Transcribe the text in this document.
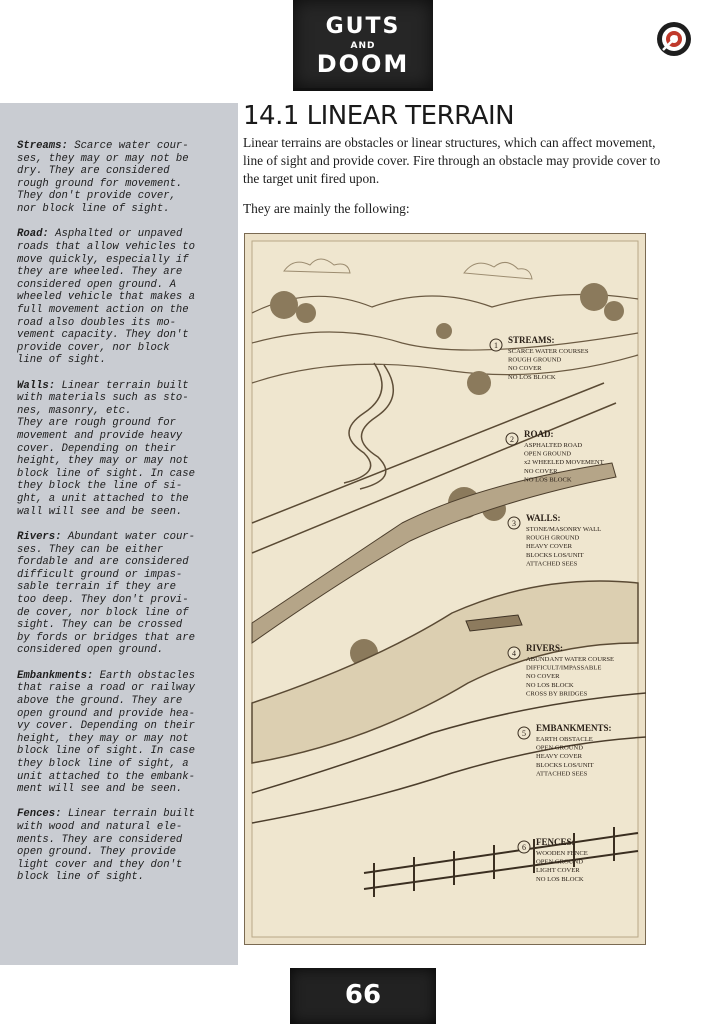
GUTS
AND
DOOM

Streams: Scarce water cour-
ses, they may or may not be
dry. They are considered
rough ground for movement.
They don't provide cover,
nor block line of sight.

Road: Asphalted or unpaved
roads that allow vehicles to
move quickly, especially if
they are wheeled. They are
considered open ground. A
wheeled vehicle that makes a
full movement action on the
road also doubles its mo-
vement capacity. They don't
provide cover, nor block
line of sight.

Walls: Linear terrain built
with materials such as sto-
nes, masonry, etc.
They are rough ground for
movement and provide heavy
cover. Depending on their
height, they may or may not
block line of sight. In case
they block the line of si-
ght, a unit attached to the
wall will see and be seen.

Rivers: Abundant water cour-
ses. They can be either
fordable and are considered
difficult ground or impas-
sable terrain if they are
too deep. They don't provi-
de cover, nor block line of
sight. They can be crossed
by fords or bridges that are
considered open ground.

Embankments: Earth obstacles
that raise a road or railway
above the ground. They are
open ground and provide hea-
vy cover. Depending on their
height, they may or may not
block line of sight. In case
they block line of sight, a
unit attached to the embank-
ment will see and be seen.

Fences: Linear terrain built
with wood and natural ele-
ments. They are considered
open ground. They provide
light cover and they don't
block line of sight.

14.1 LINEAR TERRAIN

Linear terrains are obstacles or linear structures, which can affect movement, line of sight and provide cover. Fire through an obstacle may provide cover to the target unit fired upon.

They are mainly the following:

1
STREAMS:
SCARCE WATER COURSES
ROUGH GROUND
NO COVER
NO LOS BLOCK
2
ROAD:
ASPHALTED ROAD
OPEN GROUND
x2 WHEELED MOVEMENT
NO COVER
NO LOS BLOCK
3
WALLS:
STONE/MASONRY WALL
ROUGH GROUND
HEAVY COVER
BLOCKS LOS/UNIT
ATTACHED SEES
4
RIVERS:
ABUNDANT WATER COURSE
DIFFICULT/IMPASSABLE
NO COVER
NO LOS BLOCK
CROSS BY BRIDGES
5
EMBANKMENTS:
EARTH OBSTACLE
OPEN GROUND
HEAVY COVER
BLOCKS LOS/UNIT
ATTACHED SEES
6
FENCES:
WOODEN FENCE
OPEN GROUND
LIGHT COVER
NO LOS BLOCK
66
